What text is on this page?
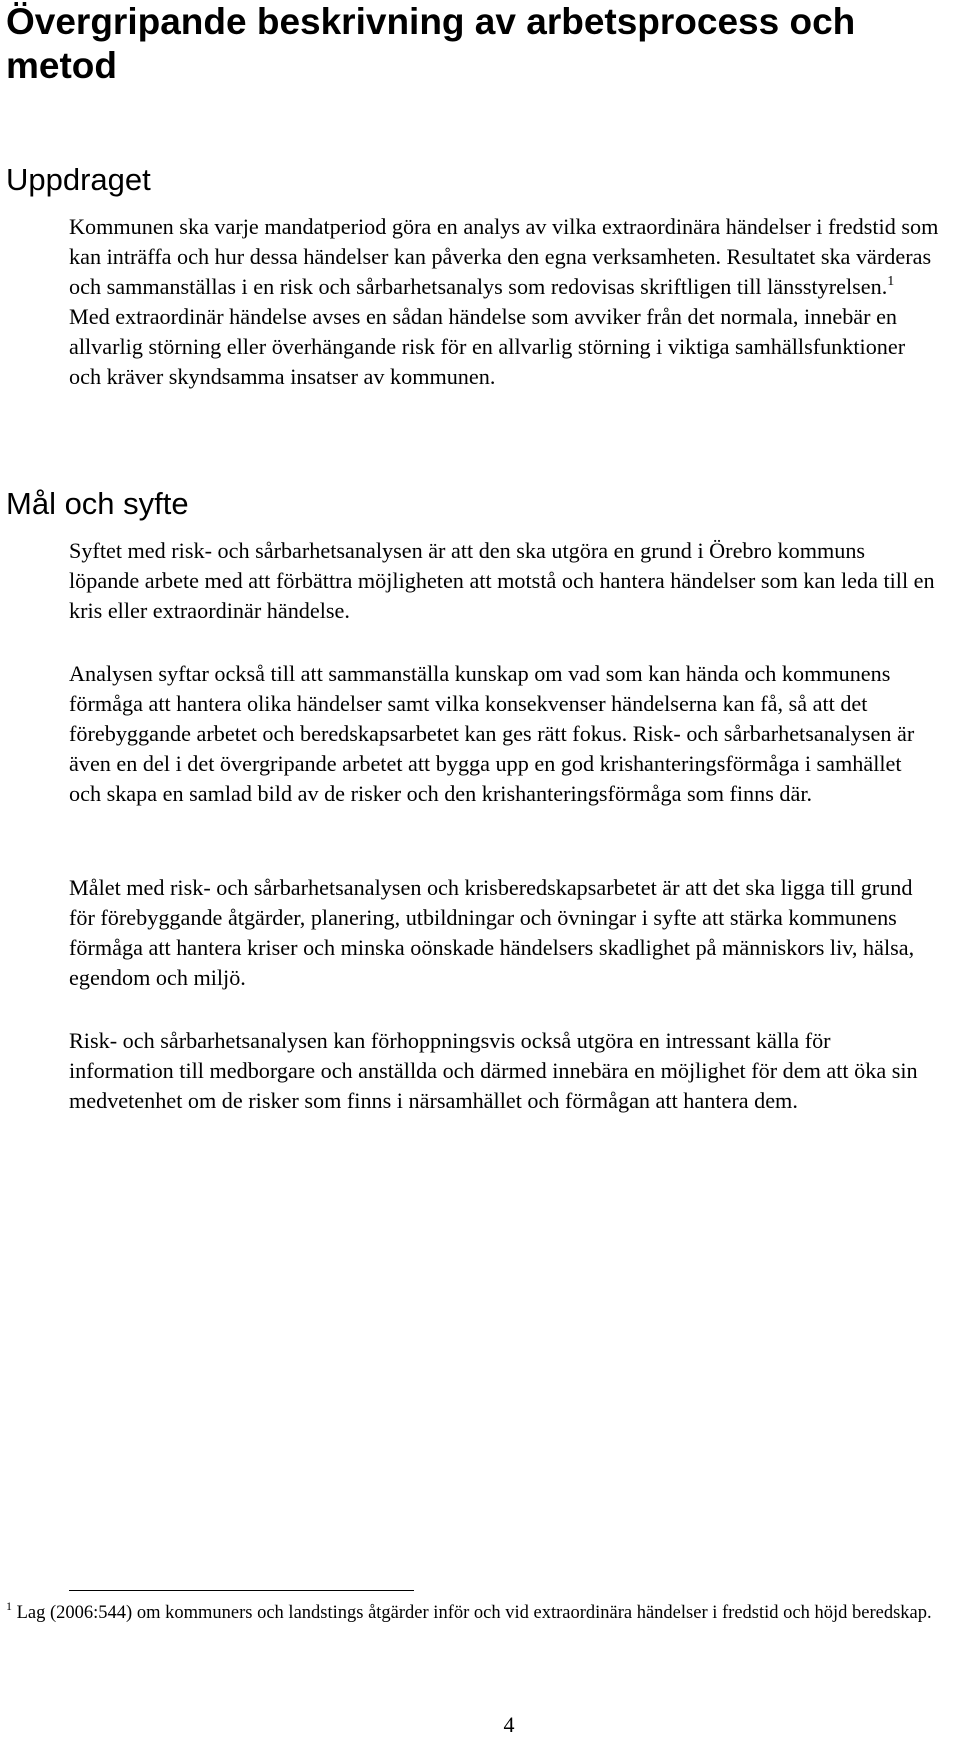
Övergripande beskrivning av arbetsprocess och metod
Uppdraget

Kommunen ska varje mandatperiod göra en analys av vilka extraordinära händelser i fredstid som kan inträffa och hur dessa händelser kan påverka den egna verksamheten. Resultatet ska värderas och sammanställas i en risk och sårbarhetsanalys som redovisas skriftligen till länsstyrelsen.$^1$ Med extraordinär händelse avses en sådan händelse som avviker från det normala, innebär en allvarlig störning eller överhängande risk för en allvarlig störning i viktiga samhällsfunktioner och kräver skyndsamma insatser av kommunen.

Mål och syfte

Syftet med risk- och sårbarhetsanalysen är att den ska utgöra en grund i Örebro kommuns löpande arbete med att förbättra möjligheten att motstå och hantera händelser som kan leda till en kris eller extraordinär händelse.

Analysen syftar också till att sammanställa kunskap om vad som kan hända och kommunens förmåga att hantera olika händelser samt vilka konsekvenser händelserna kan få, så att det förebyggande arbetet och beredskapsarbetet kan ges rätt fokus. Risk- och sårbarhetsanalysen är även en del i det övergripande arbetet att bygga upp en god krishanteringsförmåga i samhället och skapa en samlad bild av de risker och den krishanteringsförmåga som finns där.

Målet med risk- och sårbarhetsanalysen och krisberedskapsarbetet är att det ska ligga till grund för förebyggande åtgärder, planering, utbildningar och övningar i syfte att stärka kommunens förmåga att hantera kriser och minska oönskade händelsers skadlighet på människors liv, hälsa, egendom och miljö.

Risk- och sårbarhetsanalysen kan förhoppningsvis också utgöra en intressant källa för information till medborgare och anställda och därmed innebära en möjlighet för dem att öka sin medvetenhet om de risker som finns i närsamhället och förmågan att hantera dem.

$^1$ Lag (2006:544) om kommuners och landstings åtgärder inför och vid extraordinära händelser i fredstid och höjd beredskap.

4
